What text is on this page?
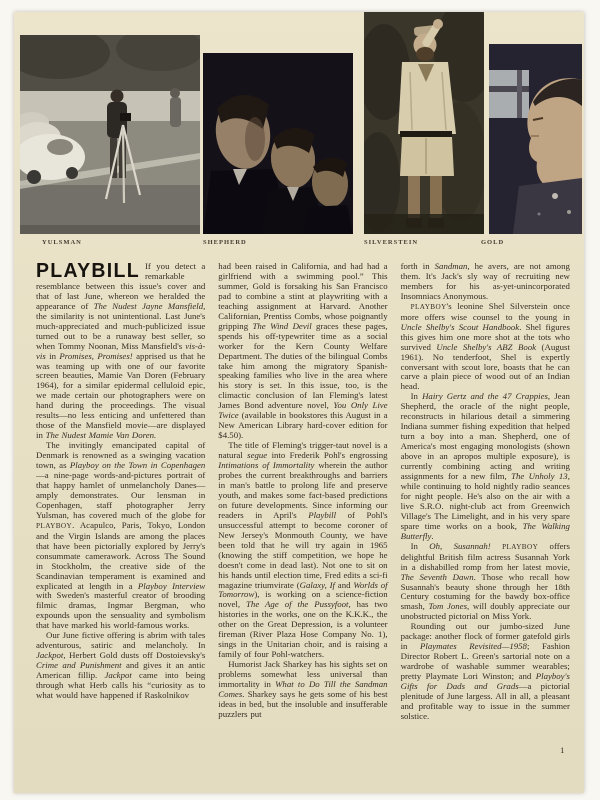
YULSMAN	SHEPHERD	SILVERSTEIN	GOLD

PLAYBILL If you detect a remarkable resemblance between this issue's cover and that of last June, whereon we heralded the appearance of The Nudest Jayne Mansfield, the similarity is not unintentional. Last June's much-appreciated and much-publicized issue turned out to be a runaway best seller, so when Tommy Noonan, Miss Mansfield's vis-à-vis in Promises, Promises! apprised us that he was teaming up with one of our favorite screen beauties, Mamie Van Doren (February 1964), for a similar epidermal celluloid epic, we made certain our photographers were on hand during the proceedings. The visual results—no less enticing and unfettered than those of the Mansfield movie—are displayed in The Nudest Mamie Van Doren.

The invitingly emancipated capital of Denmark is renowned as a swinging vacation town, as Playboy on the Town in Copenhagen—a nine-page words-and-pictures portrait of that happy hamlet of unmelancholy Danes—amply demonstrates. Our lensman in Copenhagen, staff photographer Jerry Yulsman, has covered much of the globe for PLAYBOY. Acapulco, Paris, Tokyo, London and the Virgin Islands are among the places that have been pictorially explored by Jerry's consummate camerawork. Across The Sound in Stockholm, the creative side of the Scandinavian temperament is examined and explicated at length in a Playboy Interview with Sweden's masterful creator of brooding filmic dramas, Ingmar Bergman, who expounds upon the sensuality and symbolism that have marked his world-famous works.

Our June fictive offering is abrim with tales adventurous, satiric and melancholy. In Jackpot, Herbert Gold dusts off Dostoievsky's Crime and Punishment and gives it an antic American fillip. Jackpot came into being through what Herb calls his “curiosity as to what would have happened if Raskolnikov

had been raised in California, and had had a girlfriend with a swimming pool.” This summer, Gold is forsaking his San Francisco pad to combine a stint at playwriting with a teaching assignment at Harvard. Another Californian, Prentiss Combs, whose poignantly gripping The Wind Devil graces these pages, spends his off-typewriter time as a social worker for the Kern County Welfare Department. The duties of the bilingual Combs take him among the migratory Spanish-speaking families who live in the area where his story is set. In this issue, too, is the climactic conclusion of Ian Fleming's latest James Bond adventure novel, You Only Live Twice (available in bookstores this August in a New American Library hard-cover edition for $4.50).

The title of Fleming's trigger-taut novel is a natural segue into Frederik Pohl's engrossing Intimations of Immortality wherein the author probes the current breakthroughs and barriers in man's battle to prolong life and preserve youth, and makes some fact-based predictions on future developments. Since informing our readers in April's Playbill of Pohl's unsuccessful attempt to become coroner of New Jersey's Monmouth County, we have been told that he will try again in 1965 (knowing the stiff competition, we hope he doesn't come in dead last). Not one to sit on his hands until election time, Fred edits a sci-fi magazine triumvirate (Galaxy, If and Worlds of Tomorrow), is working on a science-fiction novel, The Age of the Pussyfoot, has two histories in the works, one on the K.K.K., the other on the Great Depression, is a volunteer fireman (River Plaza Hose Company No. 1), sings in the Unitarian choir, and is raising a family of four Pohl-watchers.

Humorist Jack Sharkey has his sights set on problems somewhat less universal than immortality in What to Do Till the Sandman Comes. Sharkey says he gets some of his best ideas in bed, but the insoluble and insufferable puzzlers put

forth in Sandman, he avers, are not among them. It's Jack's sly way of recruiting new members for his as-yet-unincorporated Insomniacs Anonymous.

PLAYBOY's leonine Shel Silverstein once more offers wise counsel to the young in Uncle Shelby's Scout Handbook. Shel figures this gives him one more shot at the tots who survived Uncle Shelby's ABZ Book (August 1961). No tenderfoot, Shel is expertly conversant with scout lore, boasts that he can carve a plain piece of wood out of an Indian head.

In Hairy Gertz and the 47 Crappies, Jean Shepherd, the oracle of the night people, reconstructs in hilarious detail a simmering Indiana summer fishing expedition that helped turn a boy into a man. Shepherd, one of America's most engaging monologists (shown above in an apropos multiple exposure), is currently combining acting and writing assignments for a new film, The Unholy 13, while continuing to hold nightly radio seances for night people. He's also on the air with a live S.R.O. night-club act from Greenwich Village's The Limelight, and in his very spare spare time works on a book, The Walking Butterfly.

In Oh, Susannah! PLAYBOY offers delightful British film actress Susannah York in a dishabilled romp from her latest movie, The Seventh Dawn. Those who recall how Susannah's beauty shone through her 18th Century costuming for the bawdy box-office smash, Tom Jones, will doubly appreciate our unobstructed pictorial on Miss York.

Rounding out our jumbo-sized June package: another flock of former gatefold girls in Playmates Revisited—1958; Fashion Director Robert L. Green's sartorial note on a wardrobe of washable summer wearables; pretty Playmate Lori Winston; and Playboy's Gifts for Dads and Grads—a pictorial plenitude of June largess. All in all, a pleasant and profitable way to issue in the summer solstice.

1
